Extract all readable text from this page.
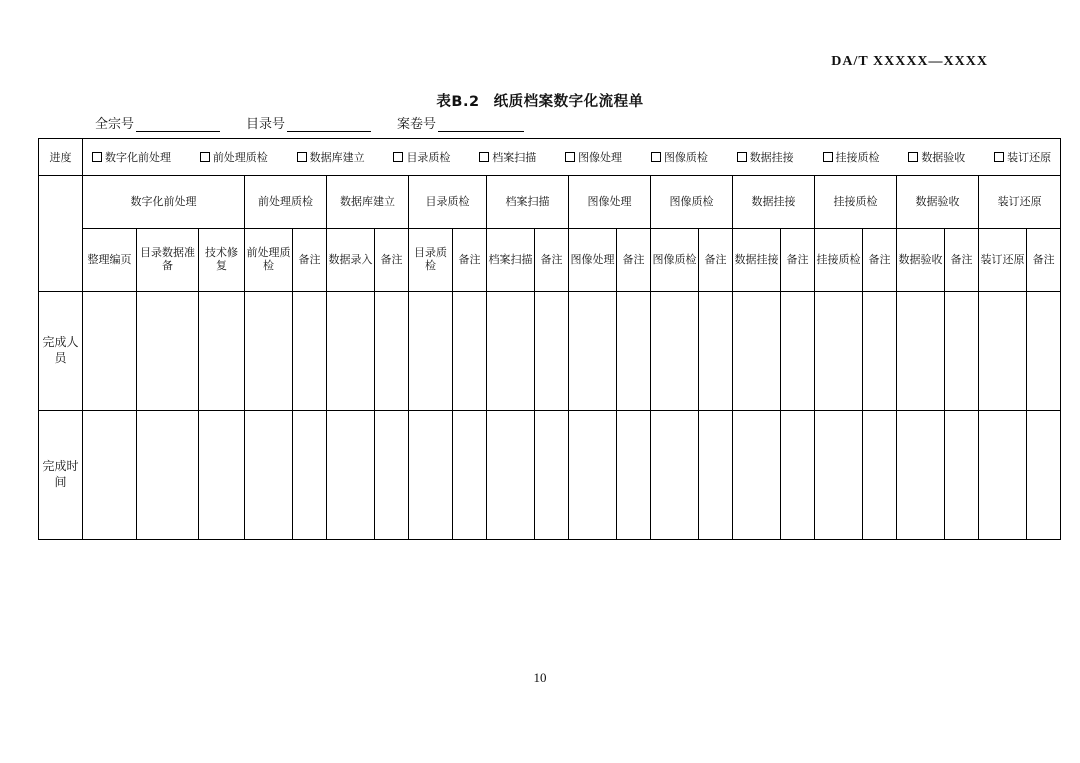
DA/T XXXXX—XXXX
表B.2 纸质档案数字化流程单
全宗号	目录号	案卷号
进度	数字化前处理	前处理质检	数据库建立	目录质检	档案扫描	图像处理	图像质检	数据挂接	挂接质检	数据验收	装订还原

	数字化前处理			前处理质检		数据库建立		目录质检		档案扫描		图像处理		图像质检		数据挂接		挂接质检		数据验收		装订还原	

	整理编页	目录数据准备	技术修复	前处理质检	备注	数据录入	备注	目录质检	备注	档案扫描	备注	图像处理	备注	图像质检	备注	数据挂接	备注	挂接质检	备注	数据验收	备注	装订还原	备注

完成人员																							
完成时间																							
10
